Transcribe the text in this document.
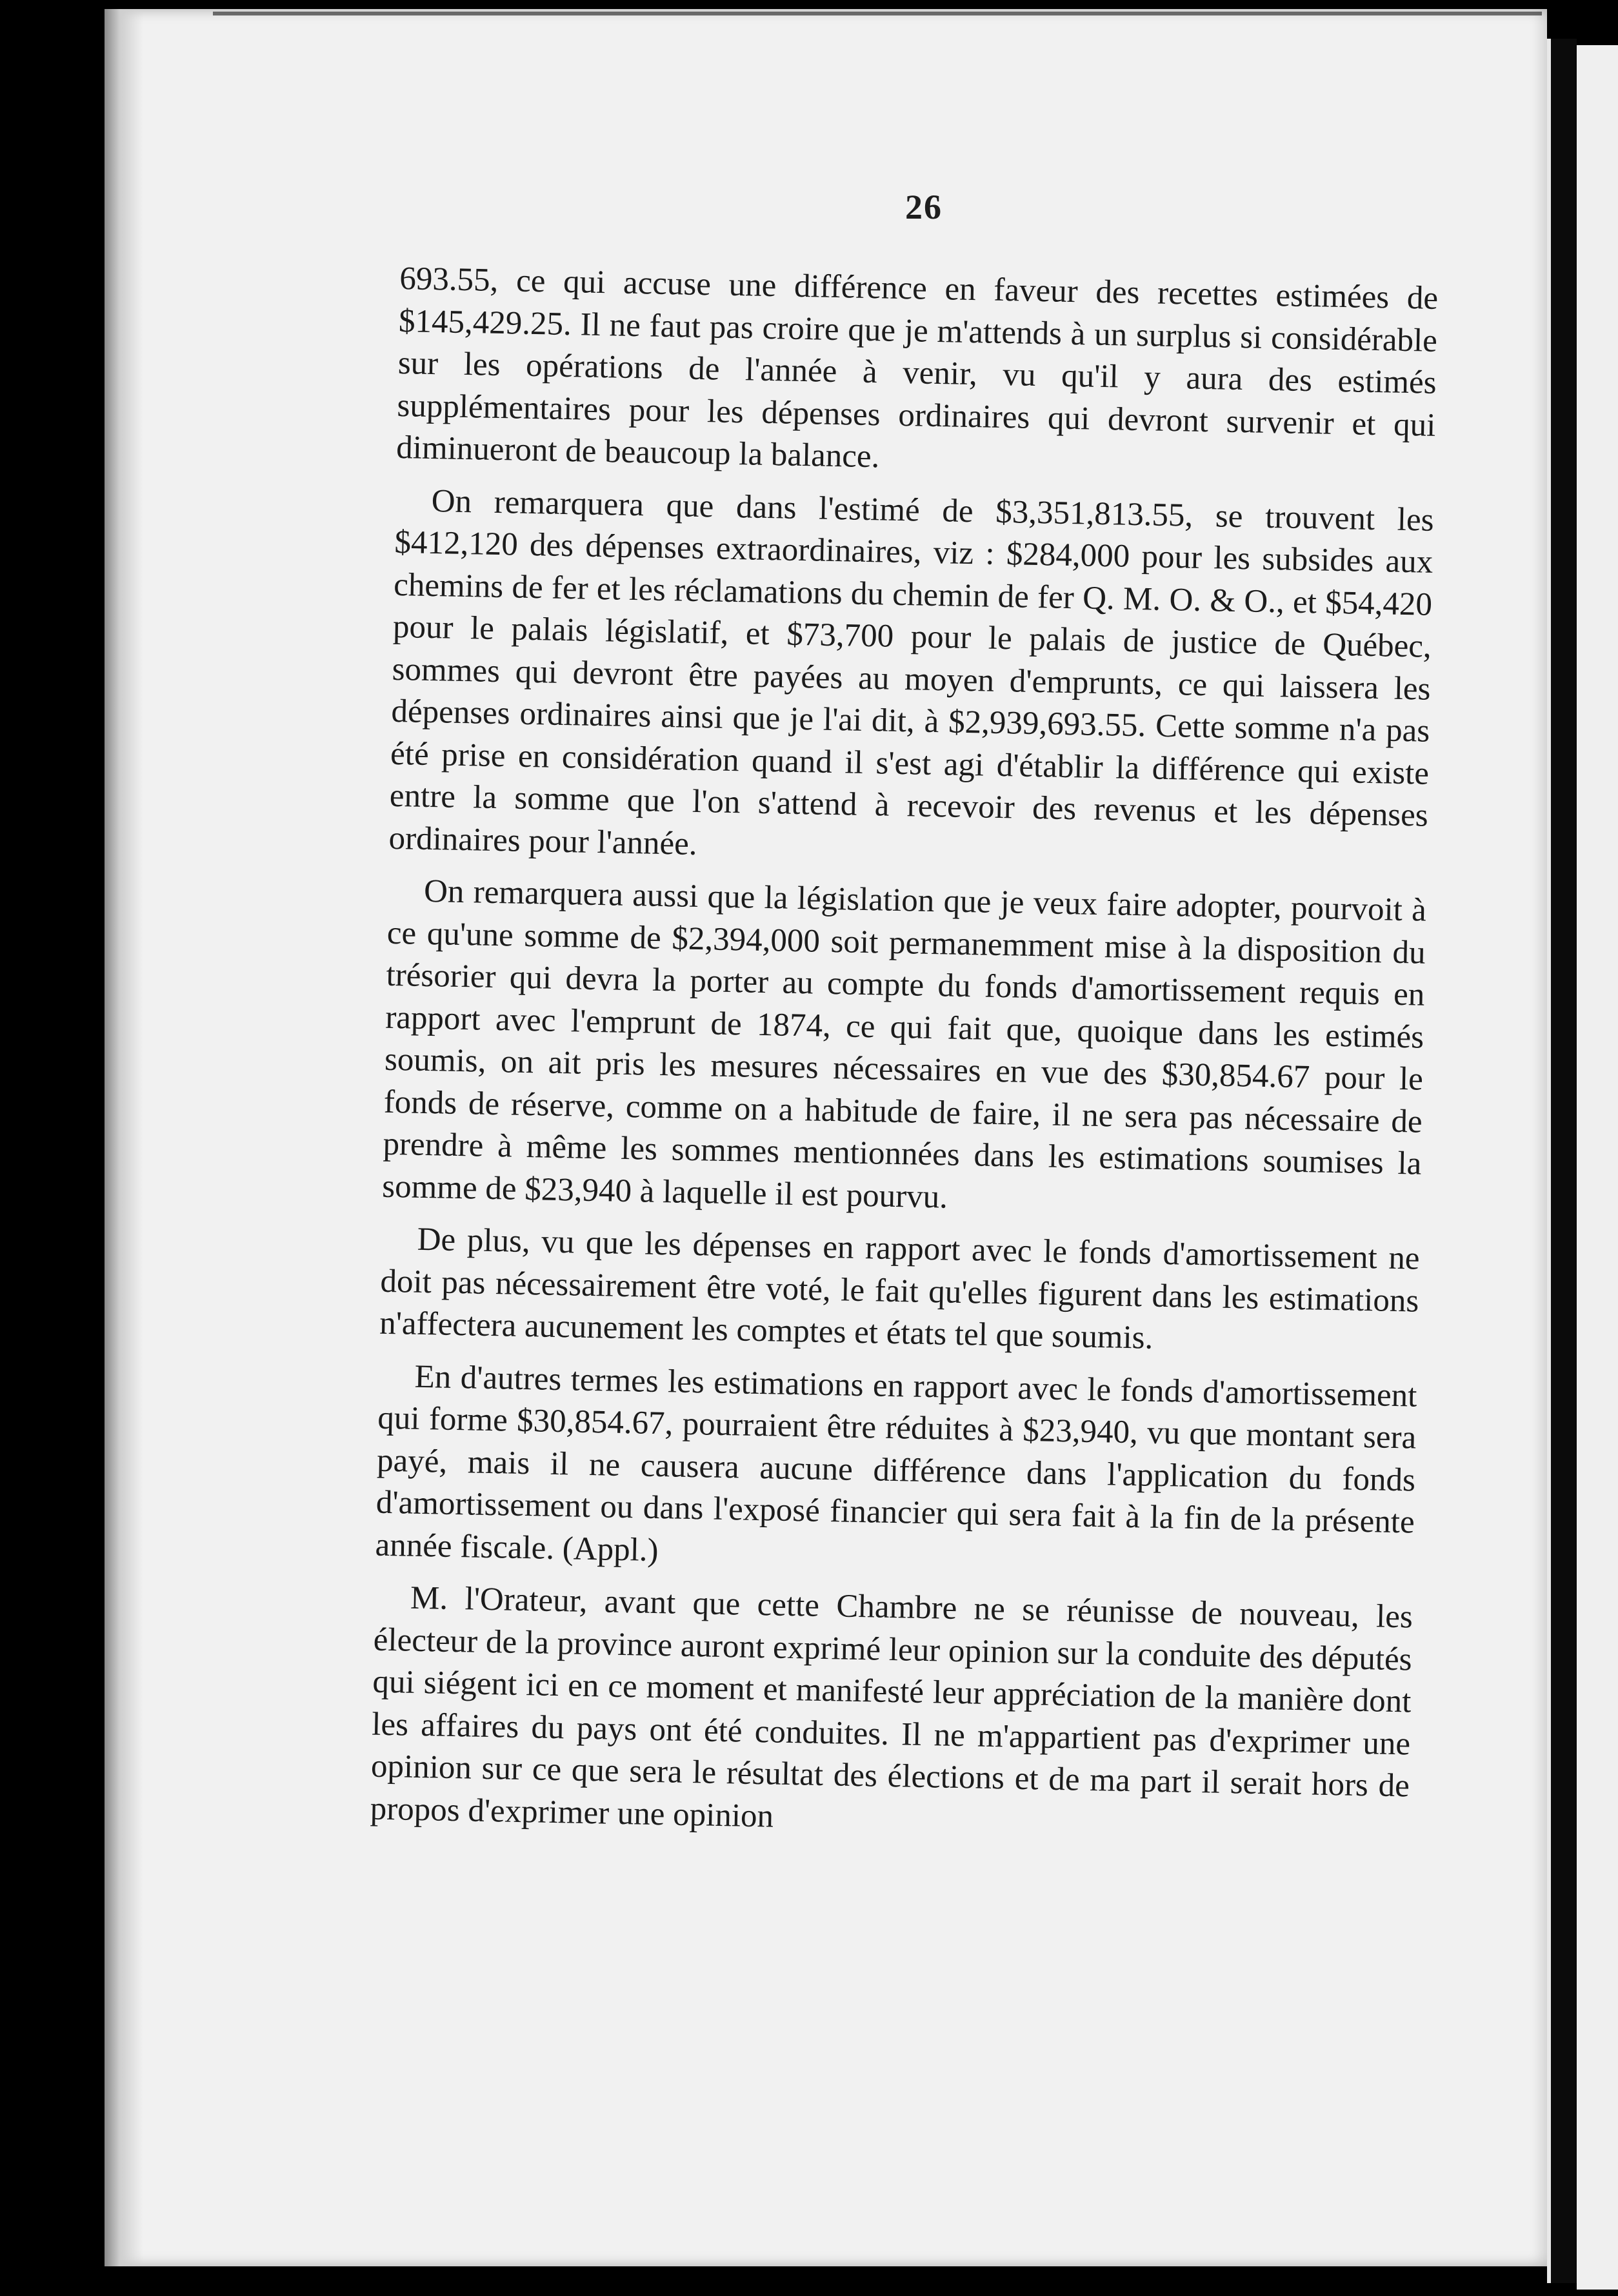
26

693.55, ce qui accuse une différence en faveur des recettes estimées de $145,429.25. Il ne faut pas croire que je m'attends à un surplus si considérable sur les opérations de l'année à venir, vu qu'il y aura des estimés supplémentaires pour les dépenses ordinaires qui devront survenir et qui diminueront de beaucoup la balance.

On remarquera que dans l'estimé de $3,351,813.55, se trouvent les $412,120 des dépenses extraordinaires, viz : $284,000 pour les subsides aux chemins de fer et les réclamations du chemin de fer Q. M. O. & O., et $54,420 pour le palais législatif, et $73,700 pour le palais de justice de Québec, sommes qui devront être payées au moyen d'emprunts, ce qui laissera les dépenses ordinaires ainsi que je l'ai dit, à $2,939,693.55. Cette somme n'a pas été prise en considération quand il s'est agi d'établir la différence qui existe entre la somme que l'on s'attend à recevoir des revenus et les dépenses ordinaires pour l'année.

On remarquera aussi que la législation que je veux faire adopter, pourvoit à ce qu'une somme de $2,394,000 soit permanemment mise à la disposition du trésorier qui devra la porter au compte du fonds d'amortissement requis en rapport avec l'emprunt de 1874, ce qui fait que, quoique dans les estimés soumis, on ait pris les mesures nécessaires en vue des $30,854.67 pour le fonds de réserve, comme on a habitude de faire, il ne sera pas nécessaire de prendre à même les sommes mentionnées dans les estimations soumises la somme de $23,940 à laquelle il est pourvu.

De plus, vu que les dépenses en rapport avec le fonds d'amortissement ne doit pas nécessairement être voté, le fait qu'elles figurent dans les estimations n'affectera aucunement les comptes et états tel que soumis.

En d'autres termes les estimations en rapport avec le fonds d'amortissement qui forme $30,854.67, pourraient être réduites à $23,940, vu que montant sera payé, mais il ne causera aucune différence dans l'application du fonds d'amortissement ou dans l'exposé financier qui sera fait à la fin de la présente année fiscale. (Appl.)

M. l'Orateur, avant que cette Chambre ne se réunisse de nouveau, les électeur de la province auront exprimé leur opinion sur la conduite des députés qui siégent ici en ce moment et manifesté leur appréciation de la manière dont les affaires du pays ont été conduites. Il ne m'appartient pas d'exprimer une opinion sur ce que sera le résultat des élections et de ma part il serait hors de propos d'exprimer une opinion
